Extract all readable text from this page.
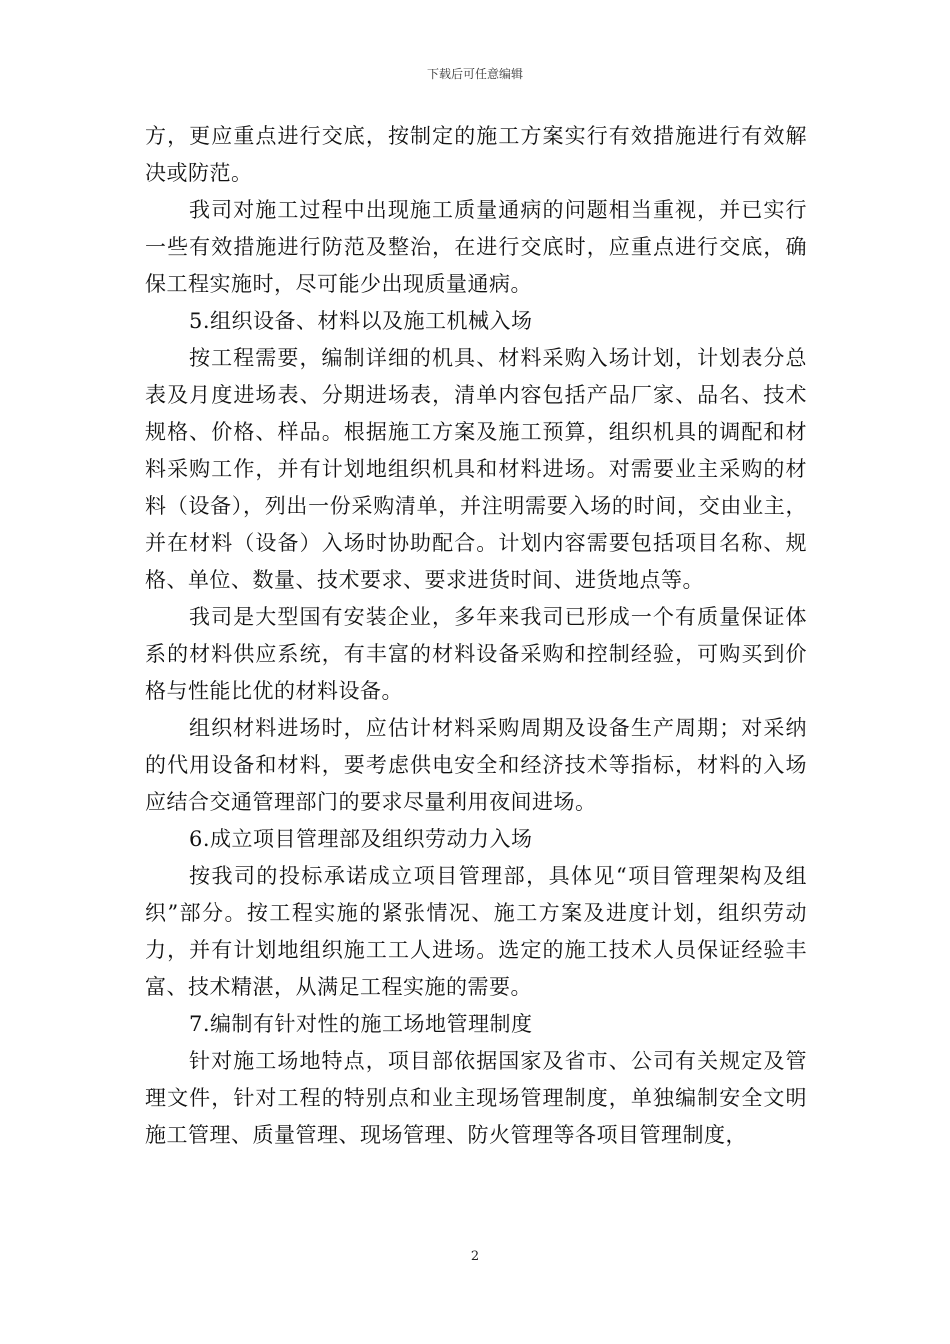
下载后可任意编辑

方，更应重点进行交底，按制定的施工方案实行有效措施进行有效解决或防范。

我司对施工过程中出现施工质量通病的问题相当重视，并已实行一些有效措施进行防范及整治，在进行交底时，应重点进行交底，确保工程实施时，尽可能少出现质量通病。

5.组织设备、材料以及施工机械入场

按工程需要，编制详细的机具、材料采购入场计划，计划表分总表及月度进场表、分期进场表，清单内容包括产品厂家、品名、技术规格、价格、样品。根据施工方案及施工预算，组织机具的调配和材料采购工作，并有计划地组织机具和材料进场。对需要业主采购的材料（设备），列出一份采购清单，并注明需要入场的时间，交由业主，并在材料（设备）入场时协助配合。计划内容需要包括项目名称、规格、单位、数量、技术要求、要求进货时间、进货地点等。

我司是大型国有安装企业，多年来我司已形成一个有质量保证体系的材料供应系统，有丰富的材料设备采购和控制经验，可购买到价格与性能比优的材料设备。

组织材料进场时，应估计材料采购周期及设备生产周期；对采纳的代用设备和材料，要考虑供电安全和经济技术等指标，材料的入场应结合交通管理部门的要求尽量利用夜间进场。

6.成立项目管理部及组织劳动力入场

按我司的投标承诺成立项目管理部，具体见“项目管理架构及组织”部分。按工程实施的紧张情况、施工方案及进度计划，组织劳动力，并有计划地组织施工工人进场。选定的施工技术人员保证经验丰富、技术精湛，从满足工程实施的需要。

7.编制有针对性的施工场地管理制度

针对施工场地特点，项目部依据国家及省市、公司有关规定及管理文件，针对工程的特别点和业主现场管理制度，单独编制安全文明施工管理、质量管理、现场管理、防火管理等各项目管理制度，

2
